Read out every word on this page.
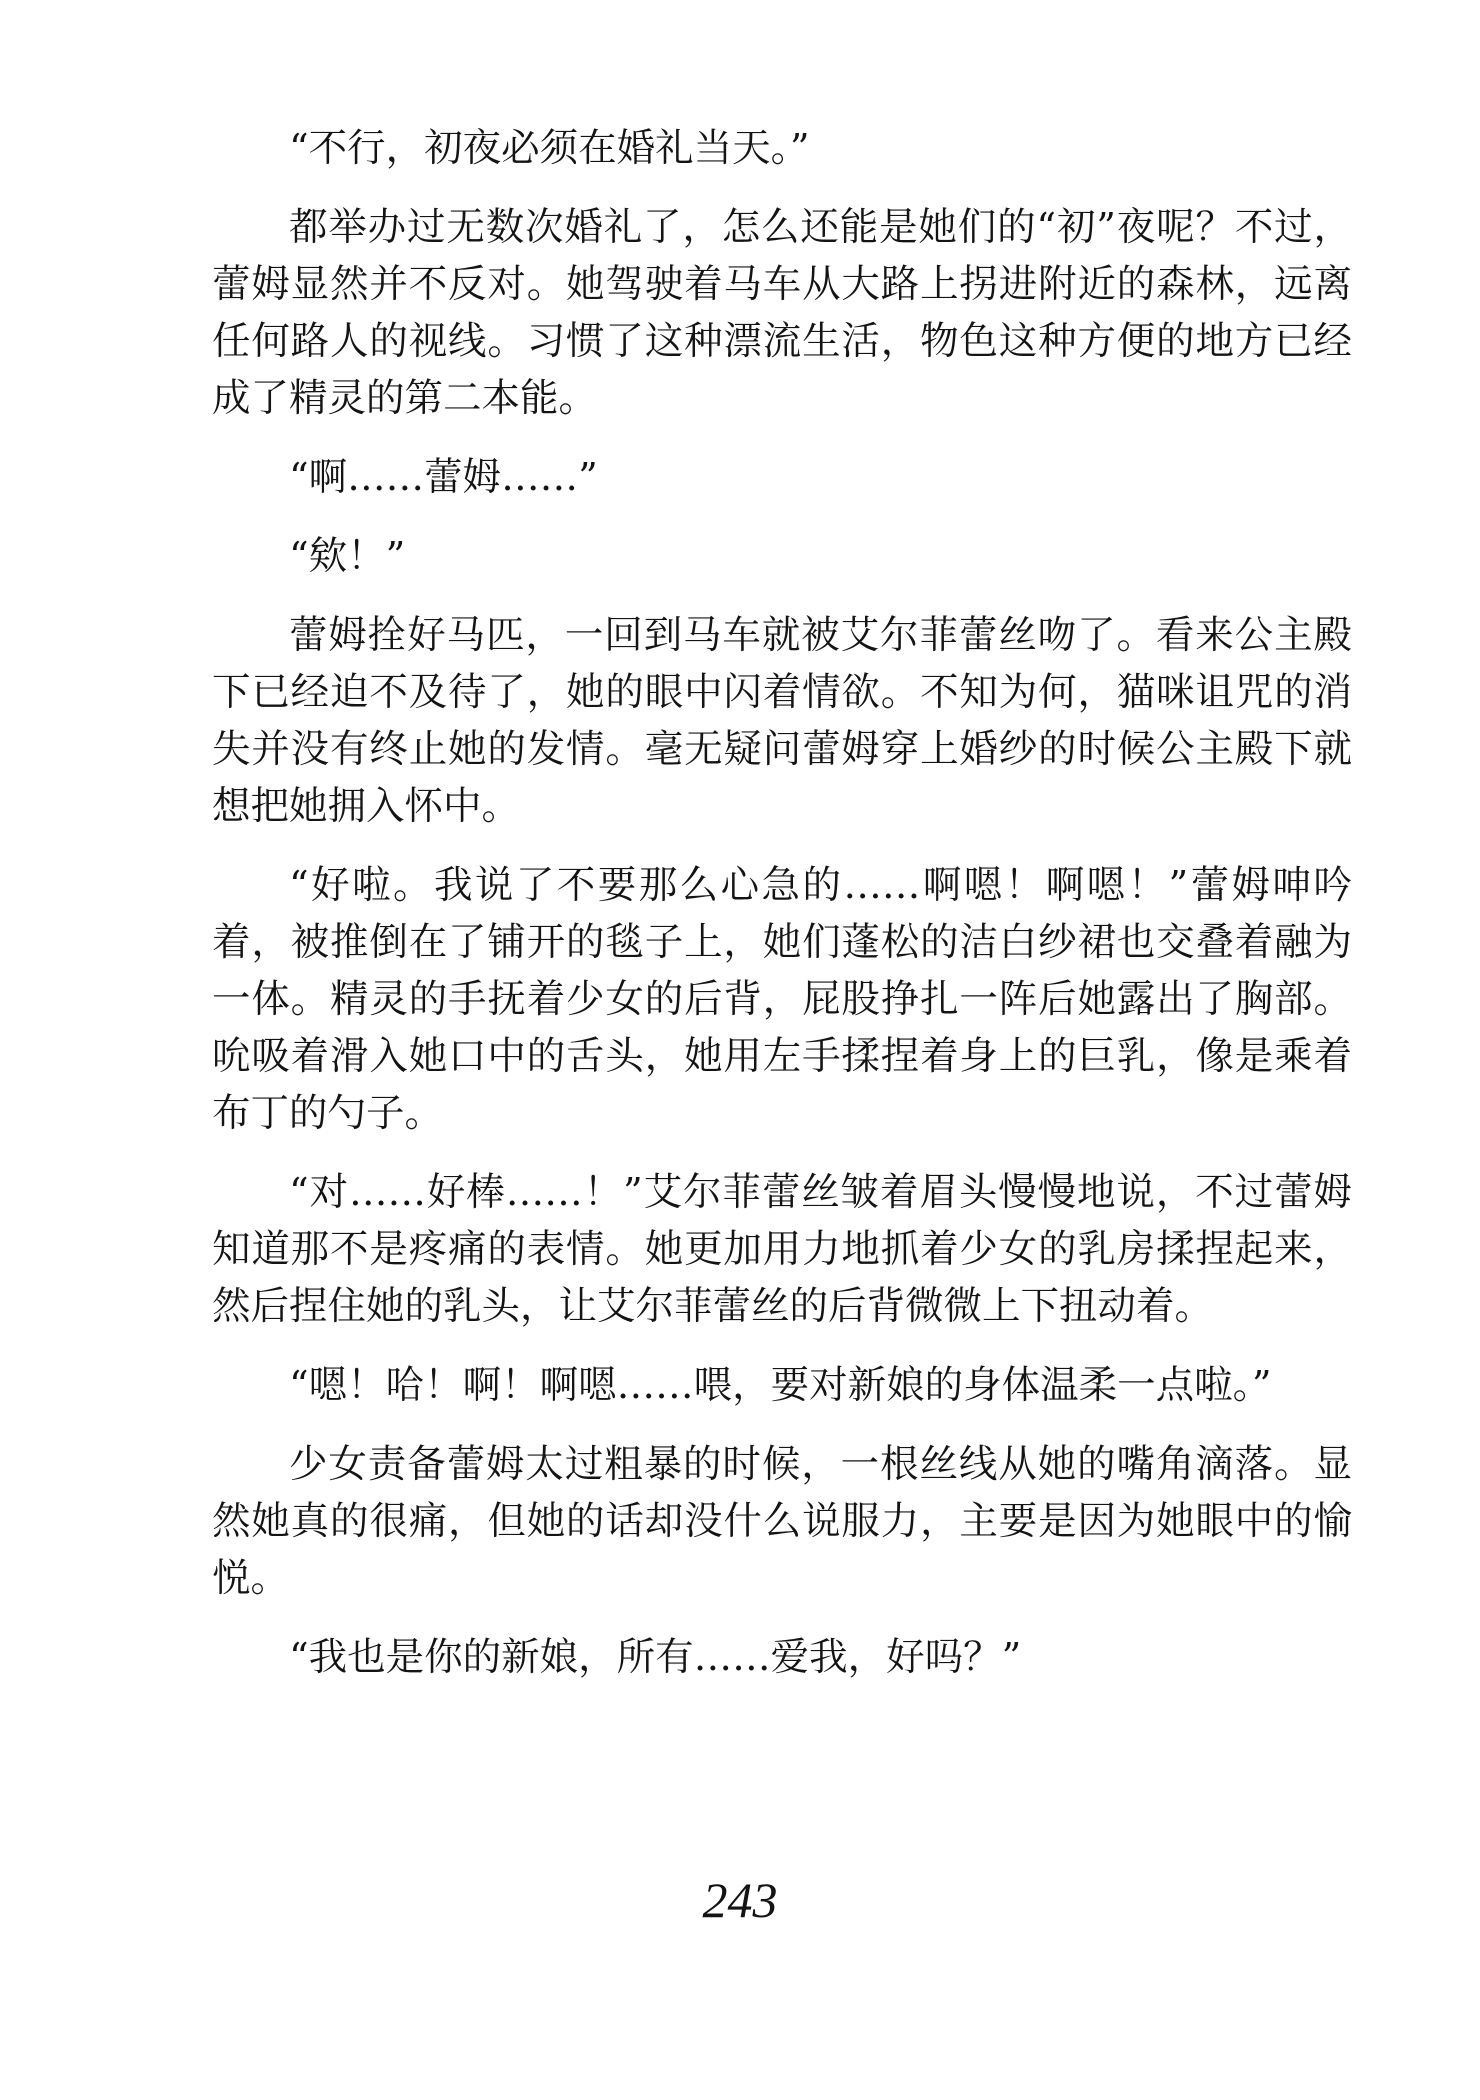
“不行，初夜必须在婚礼当天。”

都举办过无数次婚礼了，怎么还能是她们的“初”夜呢？不过，蕾姆显然并不反对。她驾驶着马车从大路上拐进附近的森林，远离任何路人的视线。习惯了这种漂流生活，物色这种方便的地方已经成了精灵的第二本能。

“啊……蕾姆……”

“欸！”

蕾姆拴好马匹，一回到马车就被艾尔菲蕾丝吻了。看来公主殿下已经迫不及待了，她的眼中闪着情欲。不知为何，猫咪诅咒的消失并没有终止她的发情。毫无疑问蕾姆穿上婚纱的时候公主殿下就想把她拥入怀中。

“好啦。我说了不要那么心急的……啊嗯！啊嗯！”蕾姆呻吟着，被推倒在了铺开的毯子上，她们蓬松的洁白纱裙也交叠着融为一体。精灵的手抚着少女的后背，屁股挣扎一阵后她露出了胸部。吮吸着滑入她口中的舌头，她用左手揉捏着身上的巨乳，像是乘着布丁的勺子。

“对……好棒……！”艾尔菲蕾丝皱着眉头慢慢地说，不过蕾姆知道那不是疼痛的表情。她更加用力地抓着少女的乳房揉捏起来，然后捏住她的乳头，让艾尔菲蕾丝的后背微微上下扭动着。

“嗯！哈！啊！啊嗯……喂，要对新娘的身体温柔一点啦。”

少女责备蕾姆太过粗暴的时候，一根丝线从她的嘴角滴落。显然她真的很痛，但她的话却没什么说服力，主要是因为她眼中的愉悦。

“我也是你的新娘，所有……爱我，好吗？”

243
